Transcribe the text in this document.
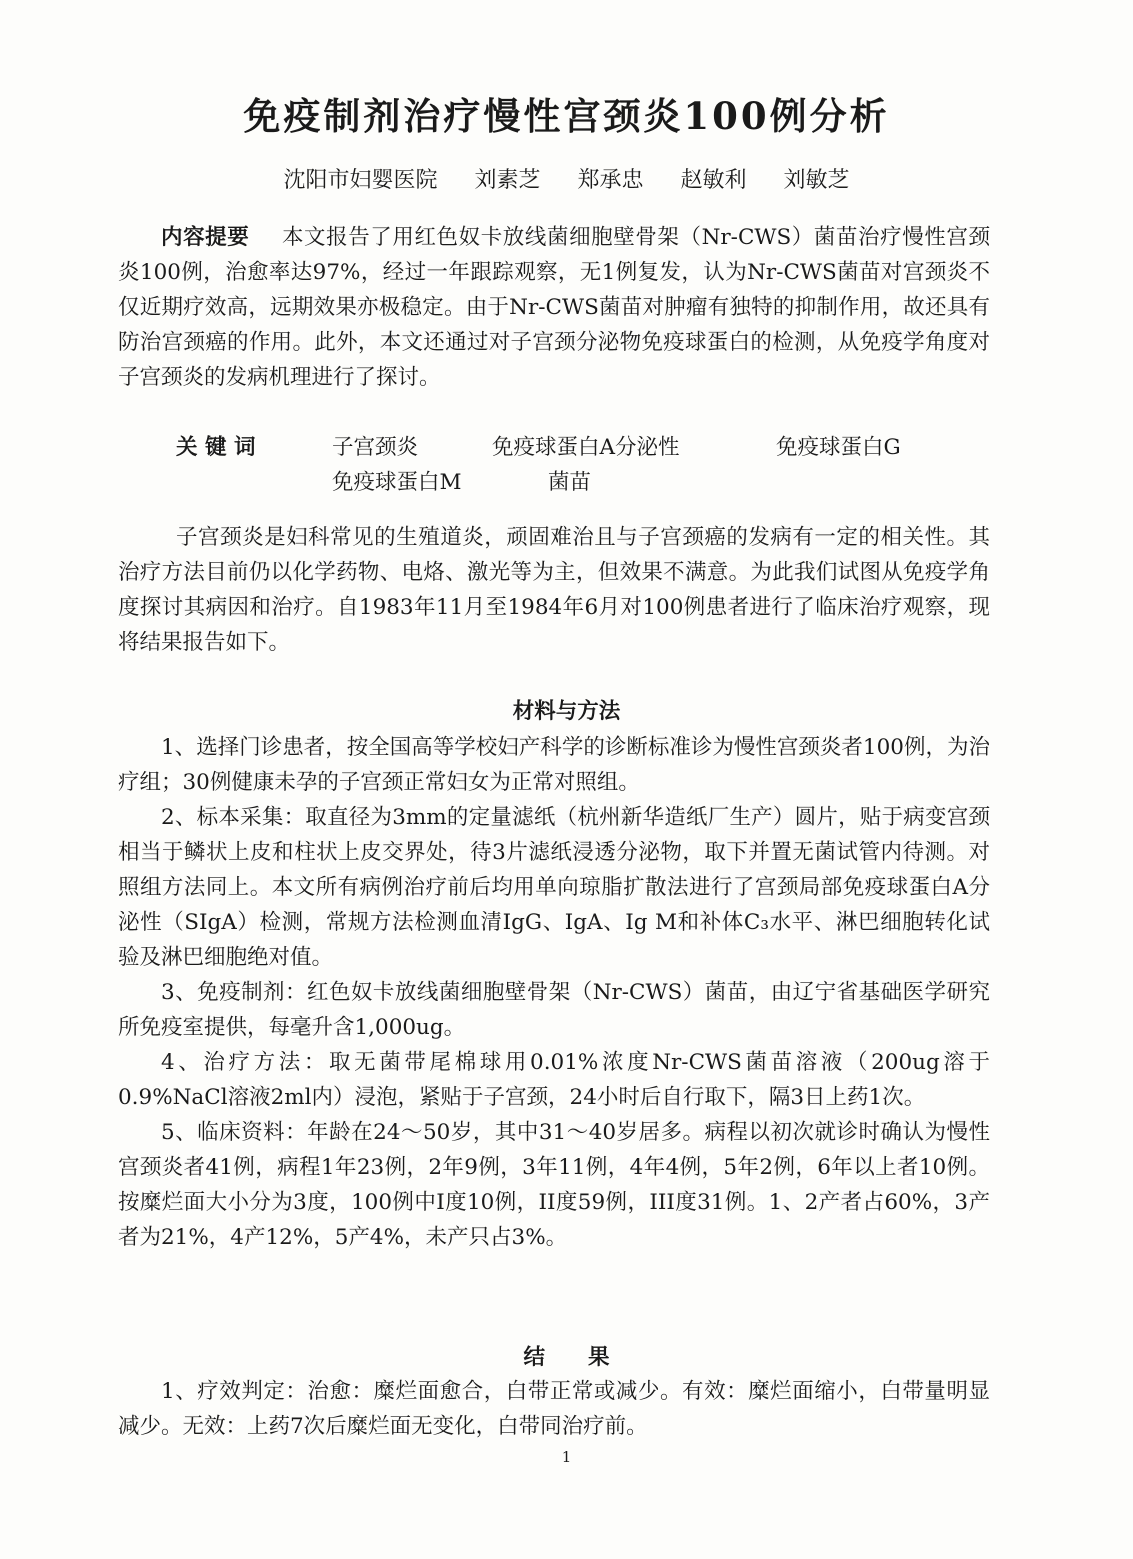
免疫制剂治疗慢性宫颈炎100例分析
沈阳市妇婴医院 刘素芝 郑承忠 赵敏利 刘敏芝

内容提要 本文报告了用红色奴卡放线菌细胞壁骨架（Nr-CWS）菌苗治疗慢性宫颈炎100例，治愈率达97%，经过一年跟踪观察，无1例复发，认为Nr-CWS菌苗对宫颈炎不仅近期疗效高，远期效果亦极稳定。由于Nr-CWS菌苗对肿瘤有独特的抑制作用，故还具有防治宫颈癌的作用。此外，本文还通过对子宫颈分泌物免疫球蛋白的检测，从免疫学角度对子宫颈炎的发病机理进行了探讨。

关 键 词	子宫颈炎	免疫球蛋白A分泌性	免疫球蛋白G
免疫球蛋白M	菌苗

子宫颈炎是妇科常见的生殖道炎，顽固难治且与子宫颈癌的发病有一定的相关性。其治疗方法目前仍以化学药物、电烙、激光等为主，但效果不满意。为此我们试图从免疫学角度探讨其病因和治疗。自1983年11月至1984年6月对100例患者进行了临床治疗观察，现将结果报告如下。

材料与方法

1、选择门诊患者，按全国高等学校妇产科学的诊断标准诊为慢性宫颈炎者100例，为治疗组；30例健康未孕的子宫颈正常妇女为正常对照组。

2、标本采集：取直径为3mm的定量滤纸（杭州新华造纸厂生产）圆片，贴于病变宫颈相当于鳞状上皮和柱状上皮交界处，待3片滤纸浸透分泌物，取下并置无菌试管内待测。对照组方法同上。本文所有病例治疗前后均用单向琼脂扩散法进行了宫颈局部免疫球蛋白A分泌性（SIgA）检测，常规方法检测血清IgG、IgA、Ig M和补体C₃水平、淋巴细胞转化试验及淋巴细胞绝对值。

3、免疫制剂：红色奴卡放线菌细胞壁骨架（Nr-CWS）菌苗，由辽宁省基础医学研究所免疫室提供，每毫升含1,000ug。

4、治疗方法：取无菌带尾棉球用0.01%浓度Nr-CWS菌苗溶液（200ug溶于0.9%NaCl溶液2ml内）浸泡，紧贴于子宫颈，24小时后自行取下，隔3日上药1次。

5、临床资料：年龄在24～50岁，其中31～40岁居多。病程以初次就诊时确认为慢性宫颈炎者41例，病程1年23例，2年9例，3年11例，4年4例，5年2例，6年以上者10例。按糜烂面大小分为3度，100例中I度10例，II度59例，III度31例。1、2产者占60%，3产者为21%，4产12%，5产4%，未产只占3%。

结　　果

1、疗效判定：治愈：糜烂面愈合，白带正常或减少。有效：糜烂面缩小，白带量明显减少。无效：上药7次后糜烂面无变化，白带同治疗前。

1
